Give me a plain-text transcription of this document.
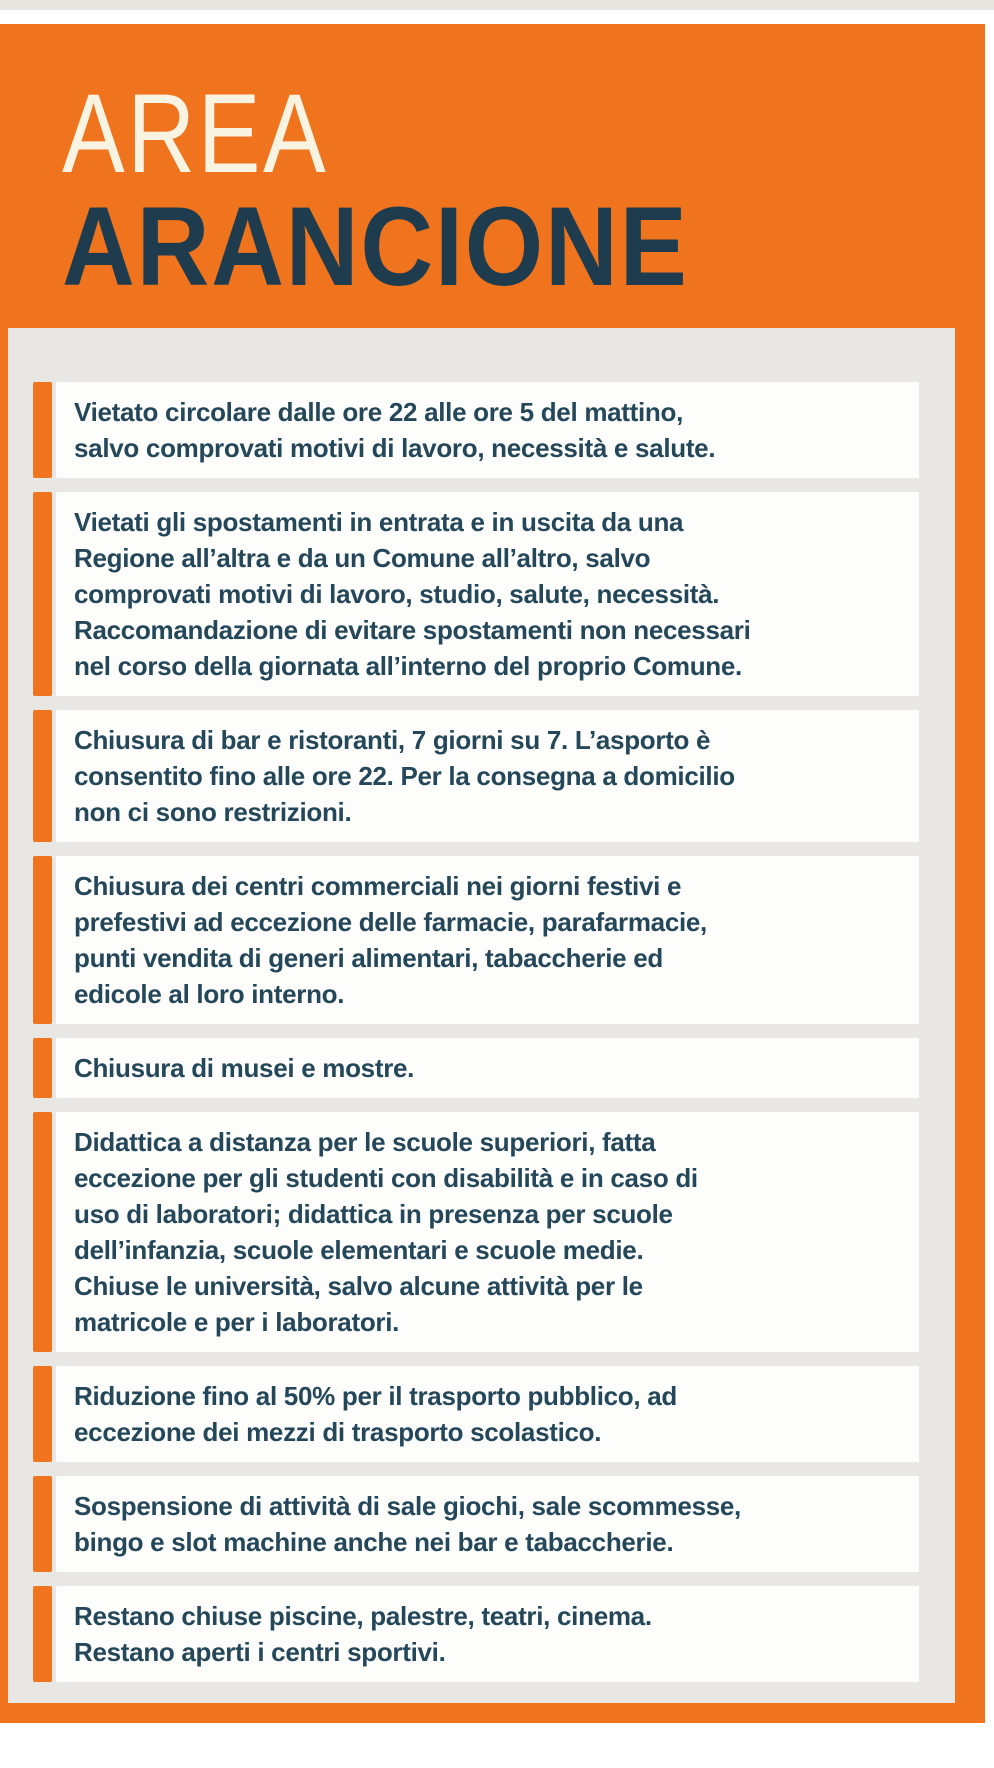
AREA
ARANCIONE
Vietato circolare dalle ore 22 alle ore 5 del mattino,
salvo comprovati motivi di lavoro, necessità e salute.
Vietati gli spostamenti in entrata e in uscita da una
Regione all’altra e da un Comune all’altro, salvo
comprovati motivi di lavoro, studio, salute, necessità.
Raccomandazione di evitare spostamenti non necessari
nel corso della giornata all’interno del proprio Comune.
Chiusura di bar e ristoranti, 7 giorni su 7. L’asporto è
consentito fino alle ore 22. Per la consegna a domicilio
non ci sono restrizioni.
Chiusura dei centri commerciali nei giorni festivi e
prefestivi ad eccezione delle farmacie, parafarmacie,
punti vendita di generi alimentari, tabaccherie ed
edicole al loro interno.
Chiusura di musei e mostre.
Didattica a distanza per le scuole superiori, fatta
eccezione per gli studenti con disabilità e in caso di
uso di laboratori; didattica in presenza per scuole
dell’infanzia, scuole elementari e scuole medie.
Chiuse le università, salvo alcune attività per le
matricole e per i laboratori.
Riduzione fino al 50% per il trasporto pubblico, ad
eccezione dei mezzi di trasporto scolastico.
Sospensione di attività di sale giochi, sale scommesse,
bingo e slot machine anche nei bar e tabaccherie.
Restano chiuse piscine, palestre, teatri, cinema.
Restano aperti i centri sportivi.
